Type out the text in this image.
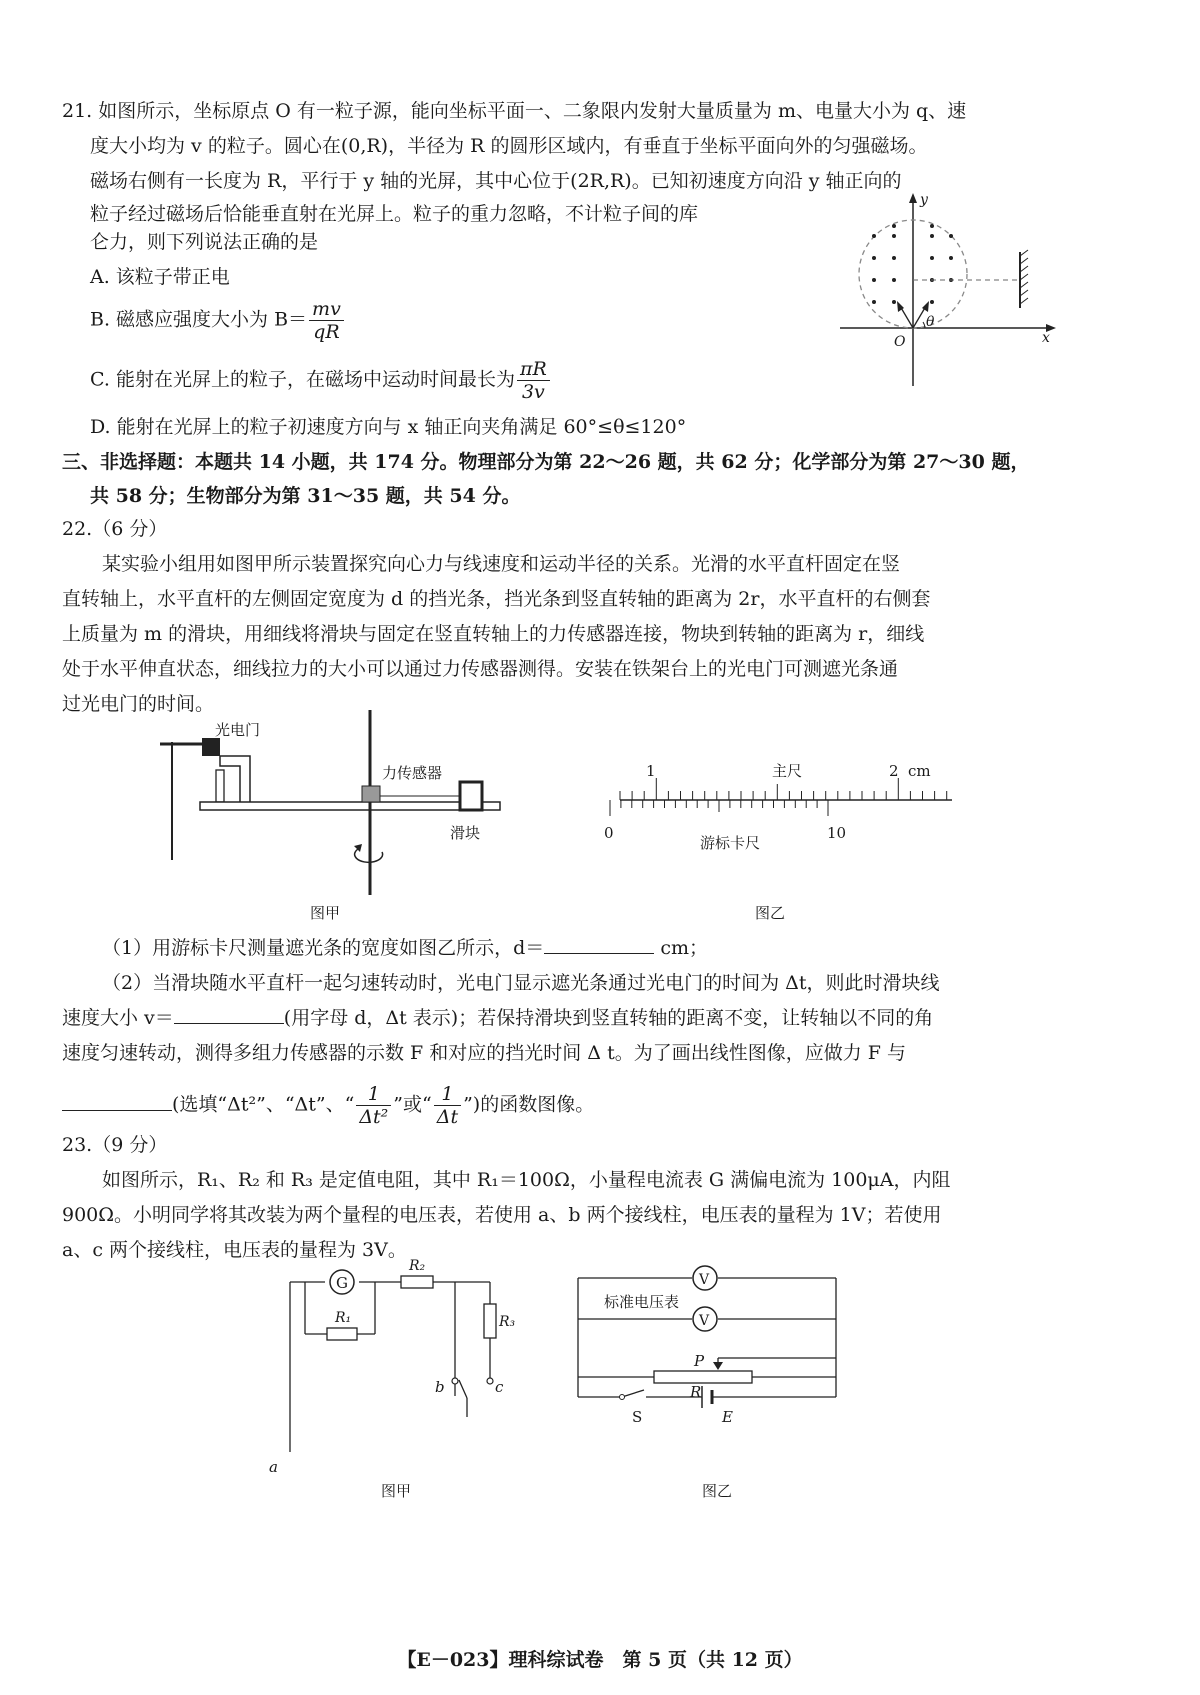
21. 如图所示，坐标原点 O 有一粒子源，能向坐标平面一、二象限内发射大量质量为 m、电量大小为 q、速
度大小均为 v 的粒子。圆心在(0,R)，半径为 R 的圆形区域内，有垂直于坐标平面向外的匀强磁场。
磁场右侧有一长度为 R，平行于 y 轴的光屏，其中心位于(2R,R)。已知初速度方向沿 y 轴正向的
粒子经过磁场后恰能垂直射在光屏上。粒子的重力忽略，不计粒子间的库
仑力，则下列说法正确的是
A. 该粒子带正电
B. 磁感应强度大小为 $B= \frac{mv}{qR}$
C. 能射在光屏上的粒子，在磁场中运动时间最长为 $\frac{\pi R}{3v}$
D. 能射在光屏上的粒子初速度方向与 x 轴正向夹角满足 60°≤θ≤120°
y
x
O
θ
三、非选择题：本题共 14 小题，共 174 分。物理部分为第 22～26 题，共 62 分；化学部分为第 27～30 题，
共 58 分；生物部分为第 31～35 题，共 54 分。
22.（6 分）
某实验小组用如图甲所示装置探究向心力与线速度和运动半径的关系。光滑的水平直杆固定在竖
直转轴上，水平直杆的左侧固定宽度为 d 的挡光条，挡光条到竖直转轴的距离为 2r，水平直杆的右侧套
上质量为 m 的滑块，用细线将滑块与固定在竖直转轴上的力传感器连接，物块到转轴的距离为 r，细线
处于水平伸直状态，细线拉力的大小可以通过力传感器测得。安装在铁架台上的光电门可测遮光条通
过光电门的时间。
光电门
力传感器
滑块
图甲
1	主尺	2 cm
0	10
游标卡尺
图乙
（1）用游标卡尺测量遮光条的宽度如图乙所示，d＝	cm；
（2）当滑块随水平直杆一起匀速转动时，光电门显示遮光条通过光电门的时间为 Δt，则此时滑块线
速度大小 v＝	(用字母 d，Δt 表示)；若保持滑块到竖直转轴的距离不变，让转轴以不同的角
速度匀速转动，测得多组力传感器的示数 F 和对应的挡光时间 Δ t。为了画出线性图像，应做力 F 与
(选填“Δt²”、“Δt”、“ $\frac{1}{\text{Δt²}}$ ”或“ $\frac{1}{\Delta t}$ ”)的函数图像。
23.（9 分）
如图所示，R₁、R₂ 和 R₃ 是定值电阻，其中 R₁＝100Ω，小量程电流表 G 满偏电流为 100μA，内阻
900Ω。小明同学将其改装为两个量程的电压表，若使用 a、b 两个接线柱，电压表的量程为 1V；若使用
a、c 两个接线柱，电压表的量程为 3V。
G
R₁
R₂
R₃
b	c
a
图甲
V
V
标准电压表
P
R
S	E
图乙
【E－023】理科综试卷　第 5 页（共 12 页）
